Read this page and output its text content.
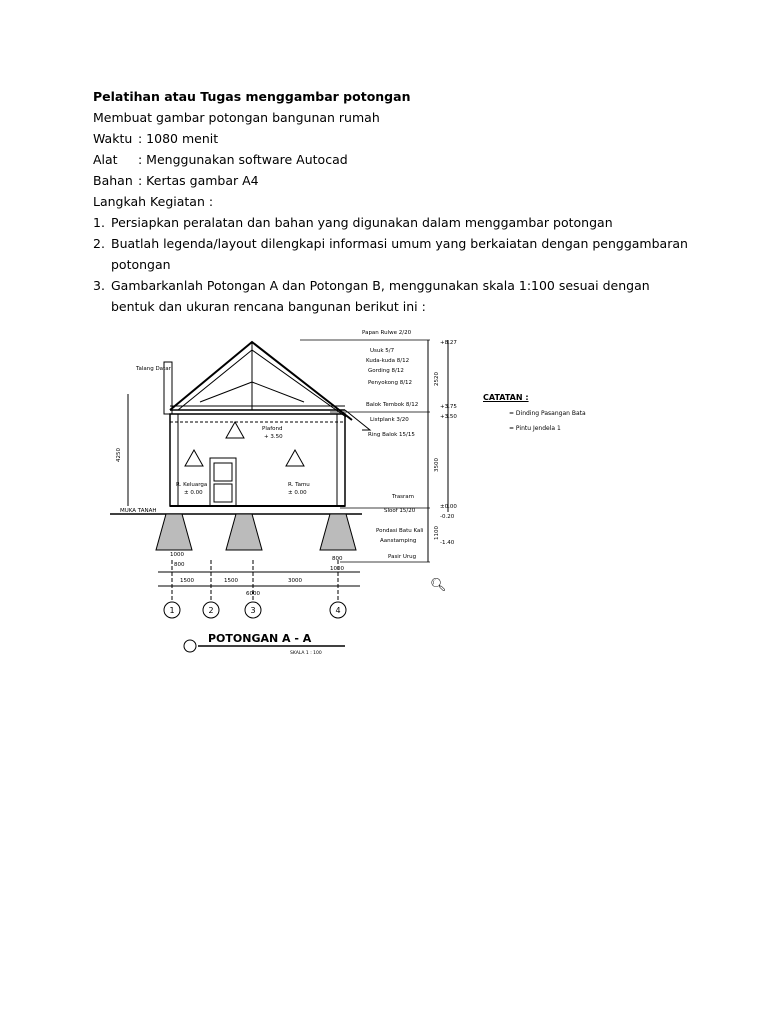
Pelatihan atau Tugas menggambar potongan
Membuat gambar potongan bangunan rumah
Waktu : 1080 menit
Alat : Menggunakan software Autocad
Bahan : Kertas gambar A4
Langkah Kegiatan :
1. Persiapkan peralatan dan bahan yang digunakan dalam menggambar potongan
2. Buatlah legenda/layout dilengkapi informasi umum yang berkaiatan dengan penggambaran potongan
3. Gambarkanlah Potongan A dan Potongan B, menggunakan skala 1:100 sesuai dengan bentuk dan ukuran rencana bangunan berikut ini :
Papan Rulwe 2/20
Usuk 5/7
Kuda-kuda 8/12
Gording 8/12
Penyokong 8/12
Balok Tembok 8/12
Listplank 3/20
Ring Balok 15/15
Trasram
Sloof 15/20
Pondasi Batu Kali
Aanstamping
Pasir Urug
Talang Datar
MUKA TANAH
R. Keluarga
± 0.00
R. Tamu
± 0.00
Plafond
+ 3.50
+8.27
+3.75
+3.50
±0.00
-0.20
-1.40
1500	1500	3000
6000
1000
800
800
1000
4250
3500
2520
1100
1	2	3	4
POTONGAN A - A
SKALA 1 : 100
CATATAN :
= Dinding Pasangan Bata
= Pintu Jendela 1
🔍︎
